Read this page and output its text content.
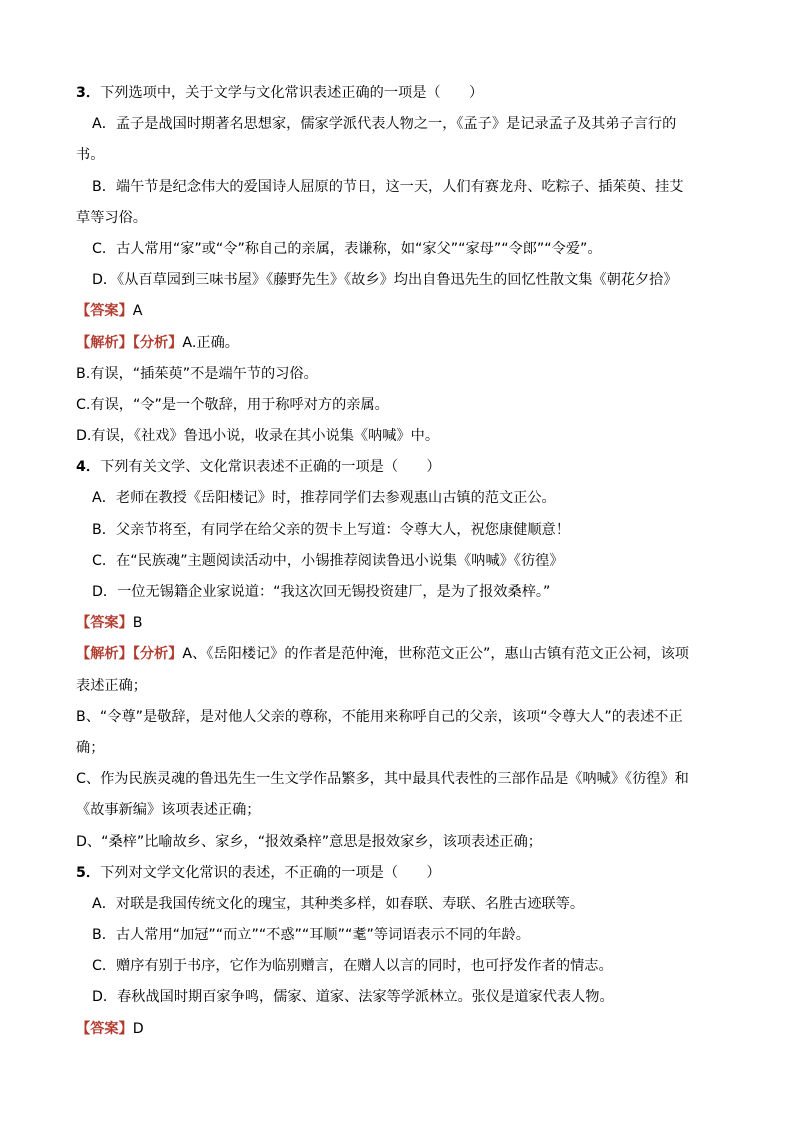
3．下列选项中，关于文学与文化常识表述正确的一项是（　　）
A．孟子是战国时期著名思想家，儒家学派代表人物之一，《孟子》是记录孟子及其弟子言行的
书。
B．端午节是纪念伟大的爱国诗人屈原的节日，这一天，人们有赛龙舟、吃粽子、插茱萸、挂艾
草等习俗。
C．古人常用“家”或“令”称自己的亲属，表谦称，如“家父”“家母”“令郎”“令爱”。
D．《从百草园到三味书屋》《藤野先生》《故乡》均出自鲁迅先生的回忆性散文集《朝花夕拾》
【答案】A
【解析】【分析】A.正确。
B.有误，“插茱萸”不是端午节的习俗。
C.有误，“令”是一个敬辞，用于称呼对方的亲属。
D.有误，《社戏》鲁迅小说，收录在其小说集《呐喊》中。
4．下列有关文学、文化常识表述不正确的一项是（　　）
A．老师在教授《岳阳楼记》时，推荐同学们去参观惠山古镇的范文正公。
B．父亲节将至，有同学在给父亲的贺卡上写道：令尊大人，祝您康健顺意！
C．在“民族魂”主题阅读活动中，小锡推荐阅读鲁迅小说集《呐喊》《彷徨》
D．一位无锡籍企业家说道：“我这次回无锡投资建厂，是为了报效桑梓。”
【答案】B
【解析】【分析】A、《岳阳楼记》的作者是范仲淹，世称范文正公”，惠山古镇有范文正公祠，该项
表述正确；
B、“令尊”是敬辞，是对他人父亲的尊称，不能用来称呼自己的父亲，该项“令尊大人”的表述不正
确；
C、作为民族灵魂的鲁迅先生一生文学作品繁多，其中最具代表性的三部作品是《呐喊》《彷徨》和
《故事新编》该项表述正确；
D、“桑梓”比喻故乡、家乡，“报效桑梓”意思是报效家乡，该项表述正确；
5．下列对文学文化常识的表述，不正确的一项是（　　）
A．对联是我国传统文化的瑰宝，其种类多样，如春联、寿联、名胜古迹联等。
B．古人常用“加冠”“而立”“不惑”“耳顺”“耄”等词语表示不同的年龄。
C．赠序有别于书序，它作为临别赠言，在赠人以言的同时，也可抒发作者的情志。
D．春秋战国时期百家争鸣，儒家、道家、法家等学派林立。张仪是道家代表人物。
【答案】D
